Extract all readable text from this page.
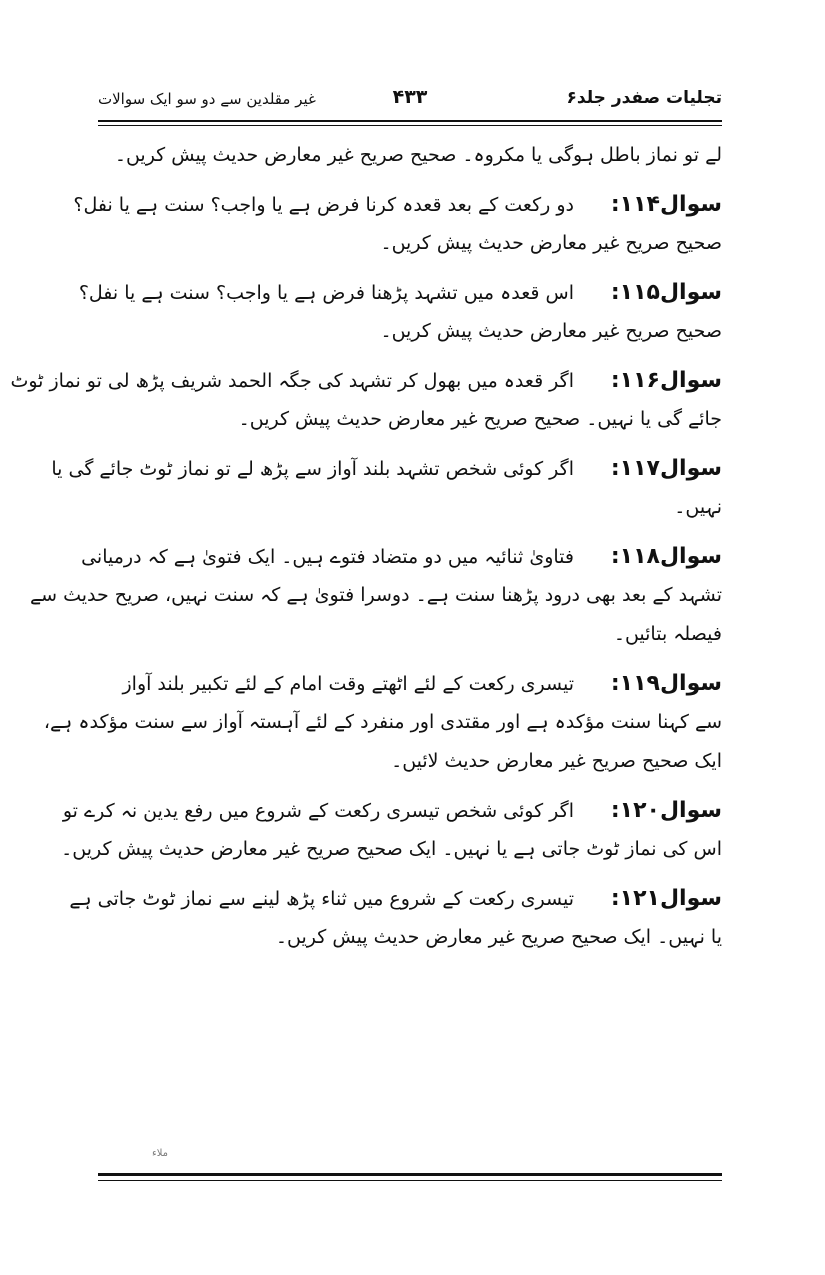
تجلیات صفدر جلد۶
۴۳۳
غیر مقلدین سے دو سو ایک سوالات
لے تو نماز باطل ہوگی یا مکروہ۔ صحیح صریح غیر معارض حدیث پیش کریں۔
سوال۱۱۴:دو رکعت کے بعد قعدہ کرنا فرض ہے یا واجب؟ سنت ہے یا نفل؟
صحیح صریح غیر معارض حدیث پیش کریں۔
سوال۱۱۵:اس قعدہ میں تشہد پڑھنا فرض ہے یا واجب؟ سنت ہے یا نفل؟
صحیح صریح غیر معارض حدیث پیش کریں۔
سوال۱۱۶:اگر قعدہ میں بھول کر تشہد کی جگہ الحمد شریف پڑھ لی تو نماز ٹوٹ
جائے گی یا نہیں۔ صحیح صریح غیر معارض حدیث پیش کریں۔
سوال۱۱۷:اگر کوئی شخص تشہد بلند آواز سے پڑھ لے تو نماز ٹوٹ جائے گی یا
نہیں۔
سوال۱۱۸:فتاویٰ ثنائیہ میں دو متضاد فتوے ہیں۔ ایک فتویٰ ہے کہ درمیانی
تشہد کے بعد بھی درود پڑھنا سنت ہے۔ دوسرا فتویٰ ہے کہ سنت نہیں، صریح حدیث سے
فیصلہ بتائیں۔
سوال۱۱۹:تیسری رکعت کے لئے اٹھتے وقت امام کے لئے تکبیر بلند آواز
سے کہنا سنت مؤکدہ ہے اور مقتدی اور منفرد کے لئے آہستہ آواز سے سنت مؤکدہ ہے،
ایک صحیح صریح غیر معارض حدیث لائیں۔
سوال۱۲۰:اگر کوئی شخص تیسری رکعت کے شروع میں رفع یدین نہ کرے تو
اس کی نماز ٹوٹ جاتی ہے یا نہیں۔ ایک صحیح صریح غیر معارض حدیث پیش کریں۔
سوال۱۲۱:تیسری رکعت کے شروع میں ثناء پڑھ لینے سے نماز ٹوٹ جاتی ہے
یا نہیں۔ ایک صحیح صریح غیر معارض حدیث پیش کریں۔
ملاء
